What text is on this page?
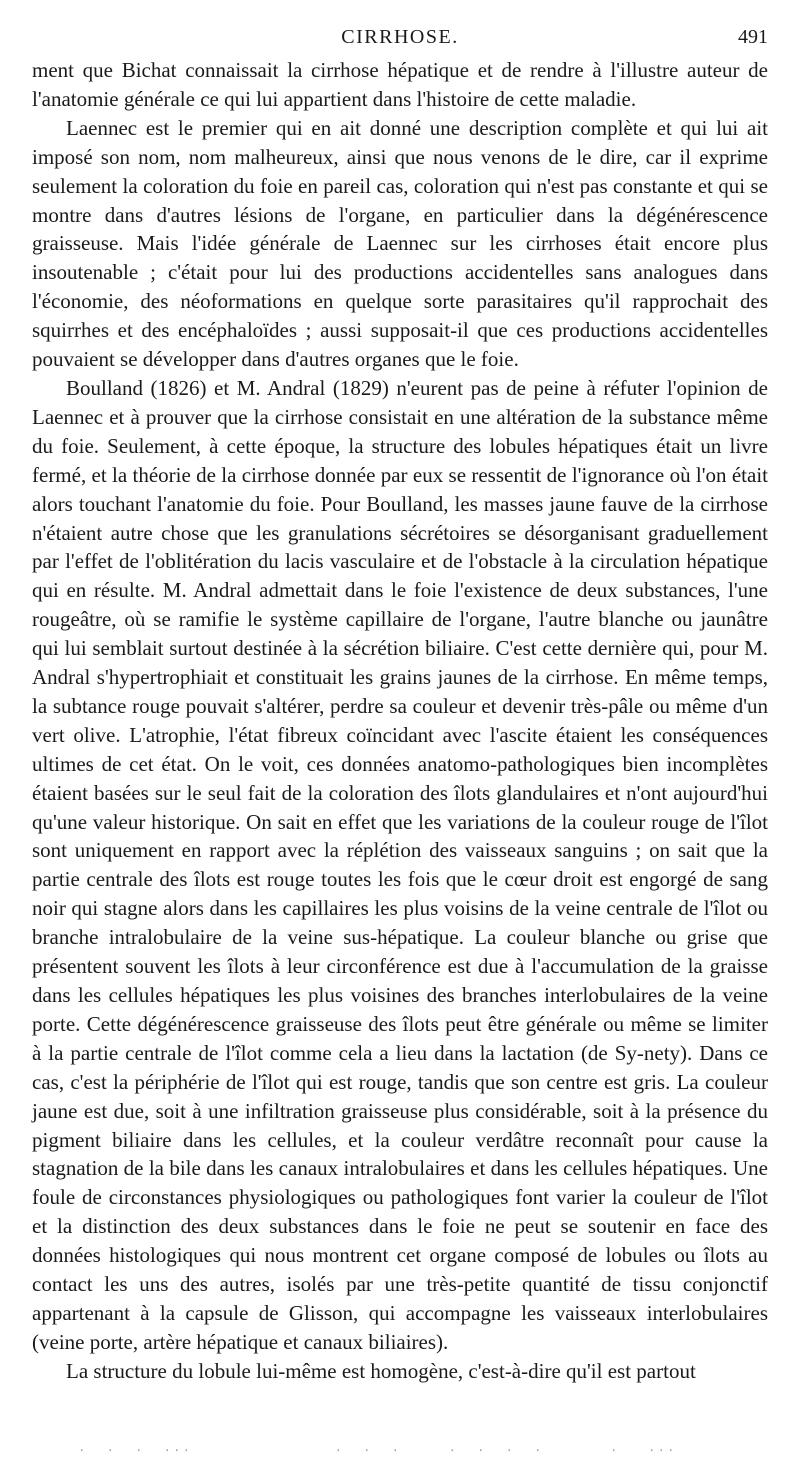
CIRRHOSE.	491

ment que Bichat connaissait la cirrhose hépatique et de rendre à l'illustre auteur de l'anatomie générale ce qui lui appartient dans l'histoire de cette maladie.

Laennec est le premier qui en ait donné une description complète et qui lui ait imposé son nom, nom malheureux, ainsi que nous venons de le dire, car il exprime seulement la coloration du foie en pareil cas, coloration qui n'est pas constante et qui se montre dans d'autres lésions de l'organe, en particulier dans la dégénérescence graisseuse. Mais l'idée générale de Laennec sur les cirrhoses était encore plus insoutenable ; c'était pour lui des productions accidentelles sans analogues dans l'économie, des néoformations en quelque sorte parasitaires qu'il rapprochait des squirrhes et des encéphaloïdes ; aussi supposait-il que ces productions accidentelles pouvaient se développer dans d'autres organes que le foie.

Boulland (1826) et M. Andral (1829) n'eurent pas de peine à réfuter l'opinion de Laennec et à prouver que la cirrhose consistait en une altération de la substance même du foie. Seulement, à cette époque, la structure des lobules hépatiques était un livre fermé, et la théorie de la cirrhose donnée par eux se ressentit de l'ignorance où l'on était alors touchant l'anatomie du foie. Pour Boulland, les masses jaune fauve de la cirrhose n'étaient autre chose que les granulations sécrétoires se désorganisant graduellement par l'effet de l'oblitération du lacis vasculaire et de l'obstacle à la circulation hépatique qui en résulte. M. Andral admettait dans le foie l'existence de deux substances, l'une rougeâtre, où se ramifie le système capillaire de l'organe, l'autre blanche ou jaunâtre qui lui semblait surtout destinée à la sécrétion biliaire. C'est cette dernière qui, pour M. Andral s'hypertrophiait et constituait les grains jaunes de la cirrhose. En même temps, la subtance rouge pouvait s'altérer, perdre sa couleur et devenir très-pâle ou même d'un vert olive. L'atrophie, l'état fibreux coïncidant avec l'ascite étaient les conséquences ultimes de cet état. On le voit, ces données anatomo-pathologiques bien incomplètes étaient basées sur le seul fait de la coloration des îlots glandulaires et n'ont aujourd'hui qu'une valeur historique. On sait en effet que les variations de la couleur rouge de l'îlot sont uniquement en rapport avec la réplétion des vaisseaux sanguins ; on sait que la partie centrale des îlots est rouge toutes les fois que le cœur droit est engorgé de sang noir qui stagne alors dans les capillaires les plus voisins de la veine centrale de l'îlot ou branche intralobulaire de la veine sus-hépatique. La couleur blanche ou grise que présentent souvent les îlots à leur circonférence est due à l'accumulation de la graisse dans les cellules hépatiques les plus voisines des branches interlobulaires de la veine porte. Cette dégénérescence graisseuse des îlots peut être générale ou même se limiter à la partie centrale de l'îlot comme cela a lieu dans la lactation (de Sy-nety). Dans ce cas, c'est la périphérie de l'îlot qui est rouge, tandis que son centre est gris. La couleur jaune est due, soit à une infiltration graisseuse plus considérable, soit à la présence du pigment biliaire dans les cellules, et la couleur verdâtre reconnaît pour cause la stagnation de la bile dans les canaux intralobulaires et dans les cellules hépatiques. Une foule de circonstances physiologiques ou pathologiques font varier la couleur de l'îlot et la distinction des deux substances dans le foie ne peut se soutenir en face des données histologiques qui nous montrent cet organe composé de lobules ou îlots au contact les uns des autres, isolés par une très-petite quantité de tissu conjonctif appartenant à la capsule de Glisson, qui accompagne les vaisseaux interlobulaires (veine porte, artère hépatique et canaux biliaires).

La structure du lobule lui-même est homogène, c'est-à-dire qu'il est partout

.  .  .  ...               .  .  .     .  .  .  .       .   ...
